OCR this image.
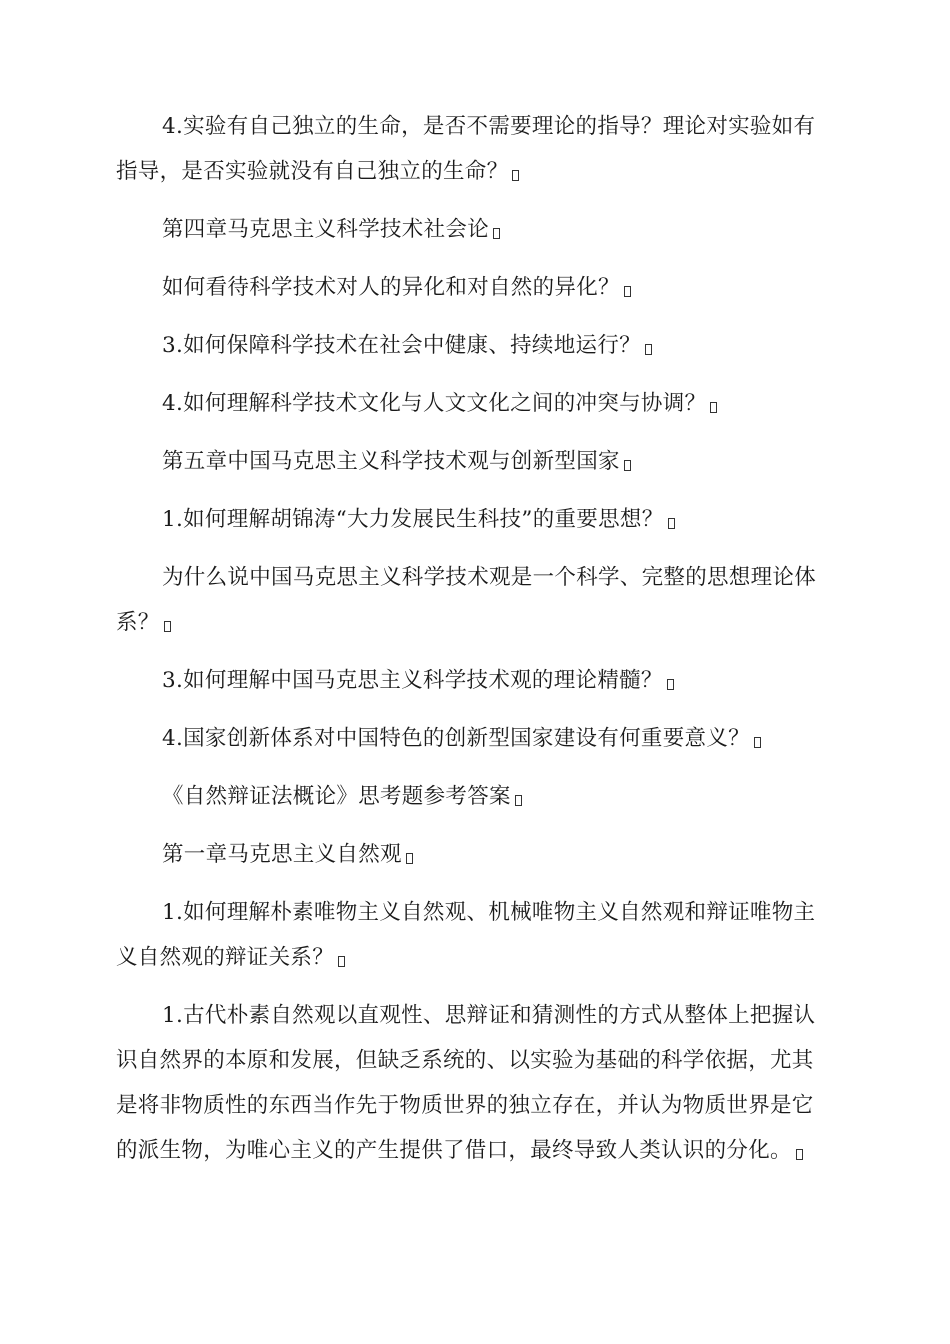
4.实验有自己独立的生命，是否不需要理论的指导？理论对实验如有指导，是否实验就没有自己独立的生命？

第四章马克思主义科学技术社会论

如何看待科学技术对人的异化和对自然的异化？

3.如何保障科学技术在社会中健康、持续地运行？

4.如何理解科学技术文化与人文文化之间的冲突与协调？

第五章中国马克思主义科学技术观与创新型国家

1.如何理解胡锦涛“大力发展民生科技”的重要思想？

为什么说中国马克思主义科学技术观是一个科学、完整的思想理论体系？

3.如何理解中国马克思主义科学技术观的理论精髓？

4.国家创新体系对中国特色的创新型国家建设有何重要意义？

《自然辩证法概论》思考题参考答案

第一章马克思主义自然观

1.如何理解朴素唯物主义自然观、机械唯物主义自然观和辩证唯物主义自然观的辩证关系？

1.古代朴素自然观以直观性、思辩证和猜测性的方式从整体上把握认识自然界的本原和发展，但缺乏系统的、以实验为基础的科学依据，尤其是将非物质性的东西当作先于物质世界的独立存在，并认为物质世界是它的派生物，为唯心主义的产生提供了借口，最终导致人类认识的分化。
